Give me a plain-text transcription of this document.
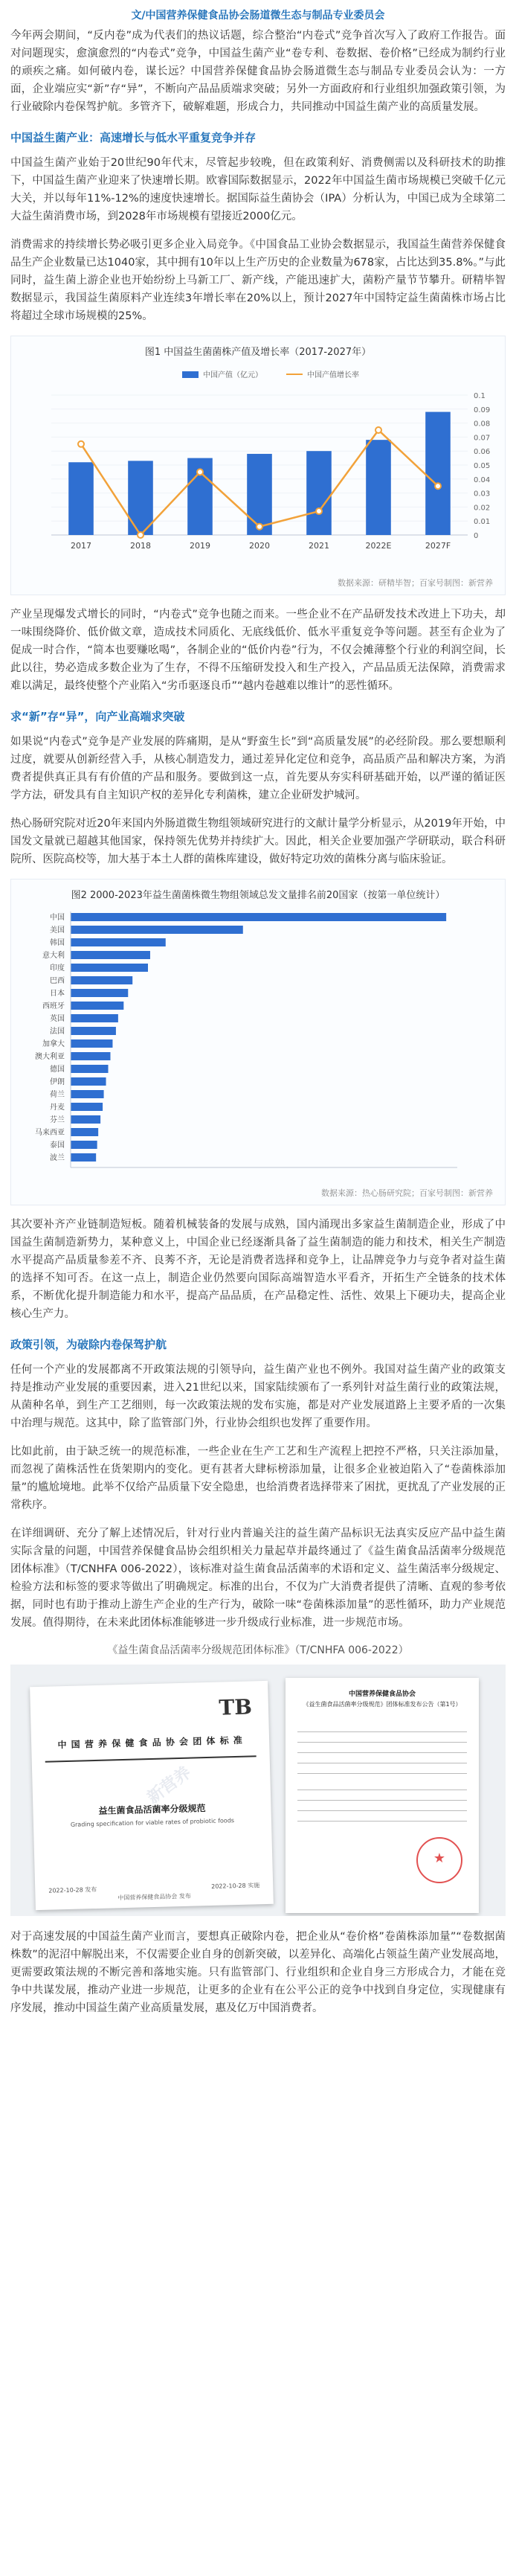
文/中国营养保健食品协会肠道微生态与制品专业委员会

今年两会期间，“反内卷”成为代表们的热议话题，综合整治“内卷式”竞争首次写入了政府工作报告。面对问题现实，愈演愈烈的“内卷式”竞争，中国益生菌产业“卷专利、卷数据、卷价格”已经成为制约行业的顽疾之痛。如何破内卷，谋长远？中国营养保健食品协会肠道微生态与制品专业委员会认为：一方面，企业端应实“新”存“异”，不断向产品品质端求突破；另外一方面政府和行业组织加强政策引领，为行业破除内卷保驾护航。多管齐下，破解难题，形成合力，共同推动中国益生菌产业的高质量发展。

中国益生菌产业：高速增长与低水平重复竞争并存

中国益生菌产业始于20世纪90年代末，尽管起步较晚，但在政策利好、消费侧需以及科研技术的助推下，中国益生菌产业迎来了快速增长期。欧睿国际数据显示，2022年中国益生菌市场规模已突破千亿元大关，并以每年11%-12%的速度快速增长。据国际益生菌协会（IPA）分析认为，中国已成为全球第二大益生菌消费市场，到2028年市场规模有望接近2000亿元。

消费需求的持续增长势必吸引更多企业入局竞争。《中国食品工业协会数据显示，我国益生菌营养保健食品生产企业数量已达1040家，其中拥有10年以上生产历史的企业数量为678家，占比达到35.8%。”与此同时，益生菌上游企业也开始纷纷上马新工厂、新产线，产能迅速扩大，菌粉产量节节攀升。研精毕智数据显示，我国益生菌原料产业连续3年增长率在20%以上，预计2027年中国特定益生菌菌株市场占比将超过全球市场规模的25%。

图1 中国益生菌菌株产值及增长率（2017-2027年）
中国产值（亿元）	中国产值增长率
0
0.01
0.02
0.03
0.04
0.05
0.06
0.07
0.08
0.09
0.1
2017	2018	2019	2020	2021	2022E	2027F
数据来源：研精毕智；百家号制图：新营养

产业呈现爆发式增长的同时，“内卷式”竞争也随之而来。一些企业不在产品研发技术改进上下功夫，却一味围绕降价、低价做文章，造成技术同质化、无底线低价、低水平重复竞争等问题。甚至有企业为了促成一时合作，“简本也要赚吆喝”，各制企业的“低价内卷”行为，不仅会摊薄整个行业的利润空间，长此以往，势必造成多数企业为了生存，不得不压缩研发投入和生产投入，产品品质无法保障，消费需求难以满足，最终使整个产业陷入“劣币驱逐良币”“越内卷越难以维计”的恶性循环。

求“新”存“异”，向产业高端求突破

如果说“内卷式”竞争是产业发展的阵痛期，是从“野蛮生长”到“高质量发展”的必经阶段。那么要想顺利过度，就要从创新经营入手，从核心制造发力，通过差异化定位和竞争，高品质产品和解决方案，为消费者提供真正具有有价值的产品和服务。要做到这一点，首先要从夯实科研基础开始，以严谨的循证医学方法，研发具有自主知识产权的差异化专利菌株，建立企业研发护城河。

热心肠研究院对近20年来国内外肠道微生物组领域研究进行的文献计量学分析显示，从2019年开始，中国发文量就已超越其他国家，保持领先优势并持续扩大。因此，相关企业要加强产学研联动，联合科研院所、医院高校等，加大基于本土人群的菌株库建设，做好特定功效的菌株分离与临床验证。

图2 2000-2023年益生菌菌株微生物组领域总发文量排名前20国家（按第一单位统计）
中国
美国
韩国
意大利
印度
巴西
日本
西班牙
英国
法国
加拿大
澳大利亚
德国
伊朗
荷兰
丹麦
芬兰
马来西亚
泰国
波兰
数据来源：热心肠研究院；百家号制图：新营养

其次要补齐产业链制造短板。随着机械装备的发展与成熟，国内涌现出多家益生菌制造企业，形成了中国益生菌制造新势力，某种意义上，中国企业已经逐渐具备了益生菌制造的能力和技术，相关生产制造水平提高产品质量参差不齐、良莠不齐，无论是消费者选择和竞争上，让品牌竞争力与竞争者对益生菌的选择不知可否。在这一点上，制造企业仍然要向国际高端智造水平看齐，开拓生产全链条的技术体系，不断优化提升制造能力和水平，提高产品品质，在产品稳定性、活性、效果上下硬功夫，提高企业核心生产力。

政策引领，为破除内卷保驾护航

任何一个产业的发展都离不开政策法规的引领导向，益生菌产业也不例外。我国对益生菌产业的政策支持是推动产业发展的重要因素，进入21世纪以来，国家陆续颁布了一系列针对益生菌行业的政策法规，从菌种名单，到生产工艺细则，每一次政策法规的发布实施，都是对产业发展道路上主要矛盾的一次集中治理与规范。这其中，除了监管部门外，行业协会组织也发挥了重要作用。

比如此前，由于缺乏统一的规范标准，一些企业在生产工艺和生产流程上把控不严格，只关注添加量，而忽视了菌株活性在货架期内的变化。更有甚者大肆标榜添加量，让很多企业被迫陷入了“卷菌株添加量”的尴尬境地。此举不仅给产品质量下安全隐患，也给消费者选择带来了困扰，更扰乱了产业发展的正常秩序。

在详细调研、充分了解上述情况后，针对行业内普遍关注的益生菌产品标识无法真实反应产品中益生菌实际含量的问题，中国营养保健食品协会组织相关力量起草并最终通过了《益生菌食品活菌率分级规范团体标准》（T/CNHFA 006-2022），该标准对益生菌食品活菌率的术语和定义、益生菌活率分级规定、检验方法和标签的要求等做出了明确规定。标准的出台，不仅为广大消费者提供了清晰、直观的参考依据，同时也有助于推动上游生产企业的生产行为，破除一味“卷菌株添加量”的恶性循环，助力产业规范发展。值得期待，在未来此团体标准能够进一步升级成行业标准，进一步规范市场。

《益生菌食品活菌率分级规范团体标准》（T/CNHFA 006-2022）
TB
中 国 营 养 保 健 食 品 协 会 团 体 标 准
益生菌食品活菌率分级规范
Grading specification for viable rates of probiotic foods
2022-10-28 发布
2022-10-28 实施
中国营养保健食品协会 发布
新营养
中国营养保健食品协会
《益生菌食品活菌率分级规范》团体标准发布公告（第1号）
★

对于高速发展的中国益生菌产业而言，要想真正破除内卷，把企业从“卷价格”卷菌株添加量”“卷数据菌株数”的泥沼中解脱出来，不仅需要企业自身的创新突破，以差异化、高端化占领益生菌产业发展高地，更需要政策法规的不断完善和落地实施。只有监管部门、行业组织和企业自身三方形成合力，才能在竞争中共谋发展，推动产业进一步规范，让更多的企业有在公平公正的竞争中找到自身定位，实现健康有序发展，推动中国益生菌产业高质量发展，惠及亿万中国消费者。
